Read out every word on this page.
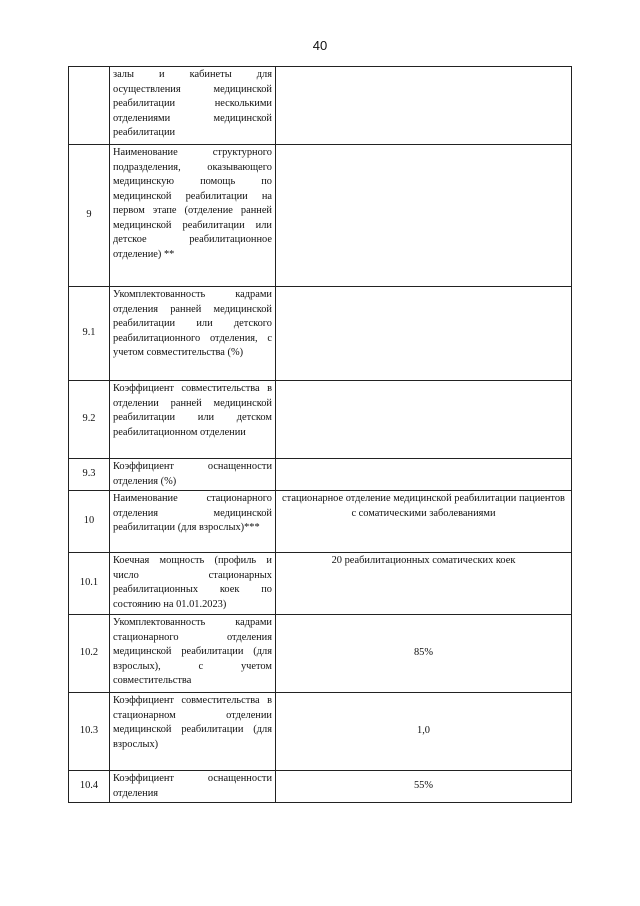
40
	залы и кабинеты для осуществления медицинской реабилитации несколькими отделениями медицинской реабилитации	
9	Наименование структурного подразделения, оказывающего медицинскую помощь по медицинской реабилитации на первом этапе (отделение ранней медицинской реабилитации или детское реабилитационное отделение) **	
9.1	Укомплектованность кадрами отделения ранней медицинской реабилитации или детского реабилитационного отделения, с учетом совместительства (%)	
9.2	Коэффициент совместительства в отделении ранней медицинской реабилитации или детском реабилитационном отделении	
9.3	Коэффициент оснащенности отделения (%)	
10	Наименование стационарного отделения медицинской реабилитации (для взрослых)***	стационарное отделение медицинской реабилитации пациентов с соматическими заболеваниями
10.1	Коечная мощность (профиль и число стационарных реабилитационных коек по состоянию на 01.01.2023)	20 реабилитационных соматических коек
10.2	Укомплектованность кадрами стационарного отделения медицинской реабилитации (для взрослых), с учетом совместительства	85%
10.3	Коэффициент совместительства в стационарном отделении медицинской реабилитации (для взрослых)	1,0
10.4	Коэффициент оснащенности отделения	55%
